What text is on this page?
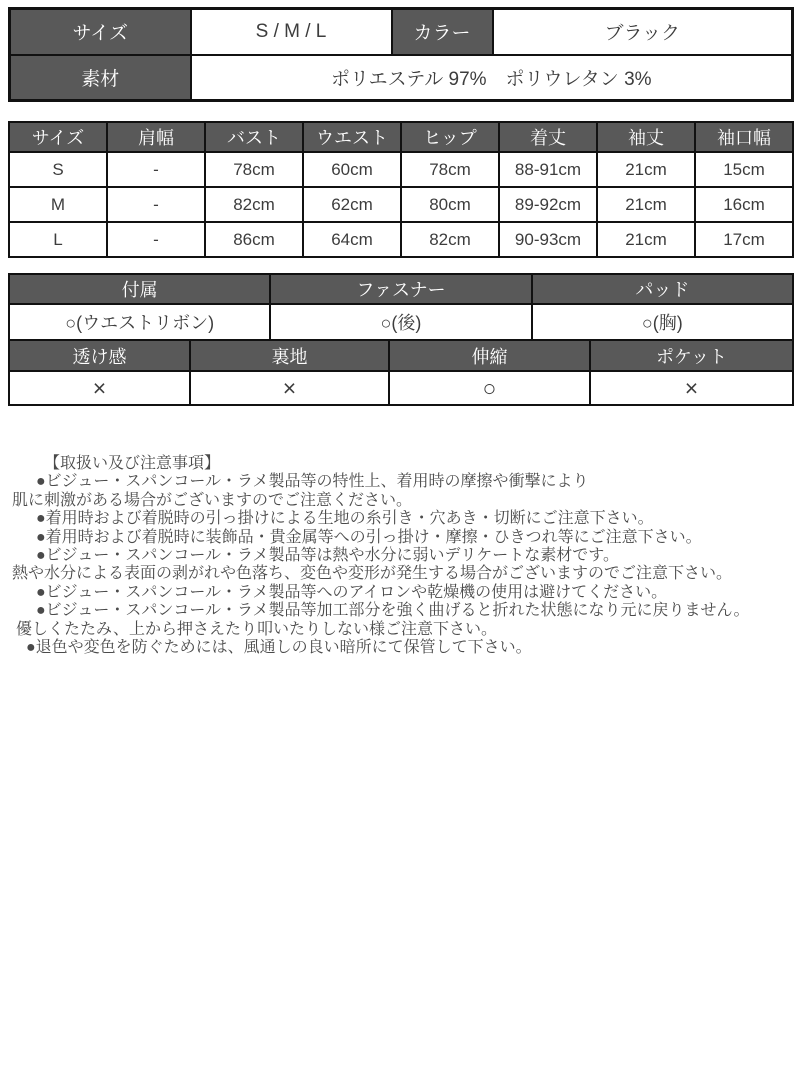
サイズ	S / M / L	カラー	ブラック
素材	ポリエステル 97%　ポリウレタン 3%		
サイズ	肩幅	バスト	ウエスト	ヒップ	着丈	袖丈	袖口幅
S	-	78cm	60cm	78cm	88-91cm	21cm	15cm
M	-	82cm	62cm	80cm	89-92cm	21cm	16cm
L	-	86cm	64cm	82cm	90-93cm	21cm	17cm
付属	ファスナー	パッド
○(ウエストリボン)	○(後)	○(胸)
透け感	裏地	伸縮	ポケット
×	×	○	×
【取扱い及び注意事項】
●ビジュー・スパンコール・ラメ製品等の特性上、着用時の摩擦や衝撃により
肌に刺激がある場合がございますのでご注意ください。
●着用時および着脱時の引っ掛けによる生地の糸引き・穴あき・切断にご注意下さい。
●着用時および着脱時に装飾品・貴金属等への引っ掛け・摩擦・ひきつれ等にご注意下さい。
●ビジュー・スパンコール・ラメ製品等は熱や水分に弱いデリケートな素材です。
熱や水分による表面の剥がれや色落ち、変色や変形が発生する場合がございますのでご注意下さい。
●ビジュー・スパンコール・ラメ製品等へのアイロンや乾燥機の使用は避けてください。
●ビジュー・スパンコール・ラメ製品等加工部分を強く曲げると折れた状態になり元に戻りません。
優しくたたみ、上から押さえたり叩いたりしない様ご注意下さい。
●退色や変色を防ぐためには、風通しの良い暗所にて保管して下さい。
